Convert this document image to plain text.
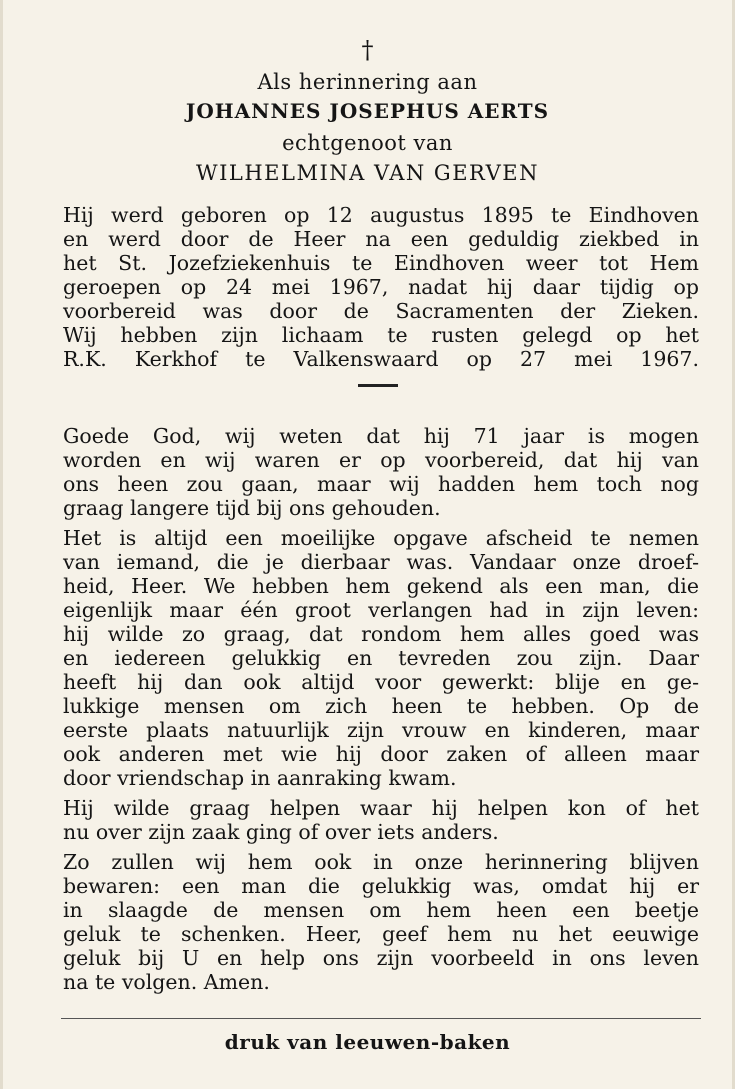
†
Als herinnering aan
JOHANNES JOSEPHUS AERTS
echtgenoot van
WILHELMINA VAN GERVEN
Hij werd geboren op 12 augustus 1895 te Eindhoven
en werd door de Heer na een geduldig ziekbed in
het St. Jozefziekenhuis te Eindhoven weer tot Hem
geroepen op 24 mei 1967, nadat hij daar tijdig op
voorbereid was door de Sacramenten der Zieken.
Wij hebben zijn lichaam te rusten gelegd op het
R.K. Kerkhof te Valkenswaard op 27 mei 1967.
Goede God, wij weten dat hij 71 jaar is mogen
worden en wij waren er op voorbereid, dat hij van
ons heen zou gaan, maar wij hadden hem toch nog
graag langere tijd bij ons gehouden.
Het is altijd een moeilijke opgave afscheid te nemen
van iemand, die je dierbaar was. Vandaar onze droef-
heid, Heer. We hebben hem gekend als een man, die
eigenlijk maar één groot verlangen had in zijn leven:
hij wilde zo graag, dat rondom hem alles goed was
en iedereen gelukkig en tevreden zou zijn. Daar
heeft hij dan ook altijd voor gewerkt: blije en ge-
lukkige mensen om zich heen te hebben. Op de
eerste plaats natuurlijk zijn vrouw en kinderen, maar
ook anderen met wie hij door zaken of alleen maar
door vriendschap in aanraking kwam.
Hij wilde graag helpen waar hij helpen kon of het
nu over zijn zaak ging of over iets anders.
Zo zullen wij hem ook in onze herinnering blijven
bewaren: een man die gelukkig was, omdat hij er
in slaagde de mensen om hem heen een beetje
geluk te schenken. Heer, geef hem nu het eeuwige
geluk bij U en help ons zijn voorbeeld in ons leven
na te volgen. Amen.
druk van leeuwen-baken
